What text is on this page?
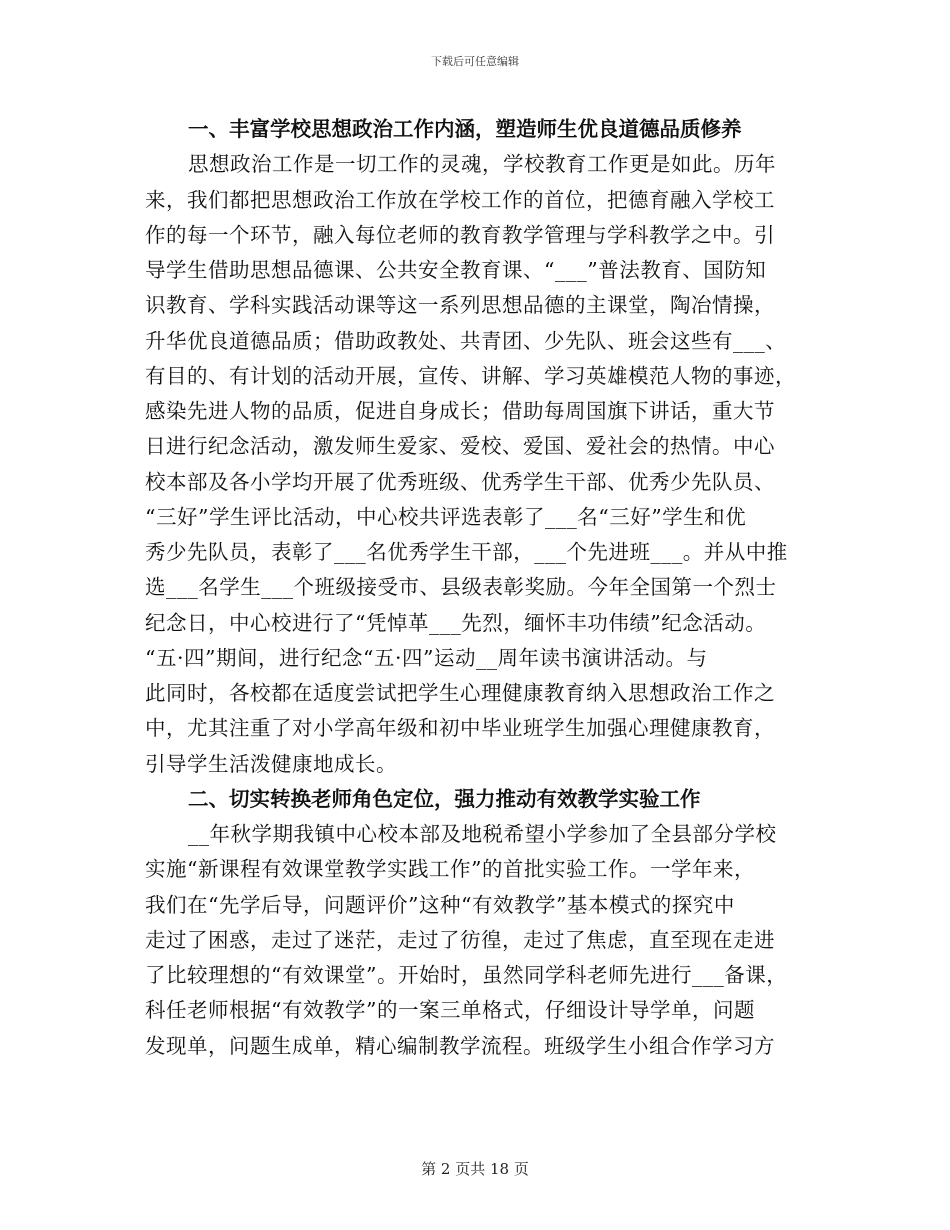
下载后可任意编辑
一、丰富学校思想政治工作内涵，塑造师生优良道德品质修养
思想政治工作是一切工作的灵魂，学校教育工作更是如此。历年
来，我们都把思想政治工作放在学校工作的首位，把德育融入学校工
作的每一个环节，融入每位老师的教育教学管理与学科教学之中。引
导学生借助思想品德课、公共安全教育课、“___”普法教育、国防知
识教育、学科实践活动课等这一系列思想品德的主课堂，陶冶情操，
升华优良道德品质；借助政教处、共青团、少先队、班会这些有___、
有目的、有计划的活动开展，宣传、讲解、学习英雄模范人物的事迹，
感染先进人物的品质，促进自身成长；借助每周国旗下讲话，重大节
日进行纪念活动，激发师生爱家、爱校、爱国、爱社会的热情。中心
校本部及各小学均开展了优秀班级、优秀学生干部、优秀少先队员、
“三好”学生评比活动，中心校共评选表彰了___名“三好”学生和优
秀少先队员，表彰了___名优秀学生干部，___个先进班___。并从中推
选___名学生___个班级接受市、县级表彰奖励。今年全国第一个烈士
纪念日，中心校进行了“凭悼革___先烈，缅怀丰功伟绩”纪念活动。
“五·四”期间，进行纪念“五·四”运动__周年读书演讲活动。与
此同时，各校都在适度尝试把学生心理健康教育纳入思想政治工作之
中，尤其注重了对小学高年级和初中毕业班学生加强心理健康教育，
引导学生活泼健康地成长。
二、切实转换老师角色定位，强力推动有效教学实验工作
__年秋学期我镇中心校本部及地税希望小学参加了全县部分学校
实施“新课程有效课堂教学实践工作”的首批实验工作。一学年来，
我们在“先学后导，问题评价”这种“有效教学”基本模式的探究中
走过了困惑，走过了迷茫，走过了彷徨，走过了焦虑，直至现在走进
了比较理想的“有效课堂”。开始时，虽然同学科老师先进行___备课，
科任老师根据“有效教学”的一案三单格式，仔细设计导学单，问题
发现单，问题生成单，精心编制教学流程。班级学生小组合作学习方
第 2 页共 18 页
